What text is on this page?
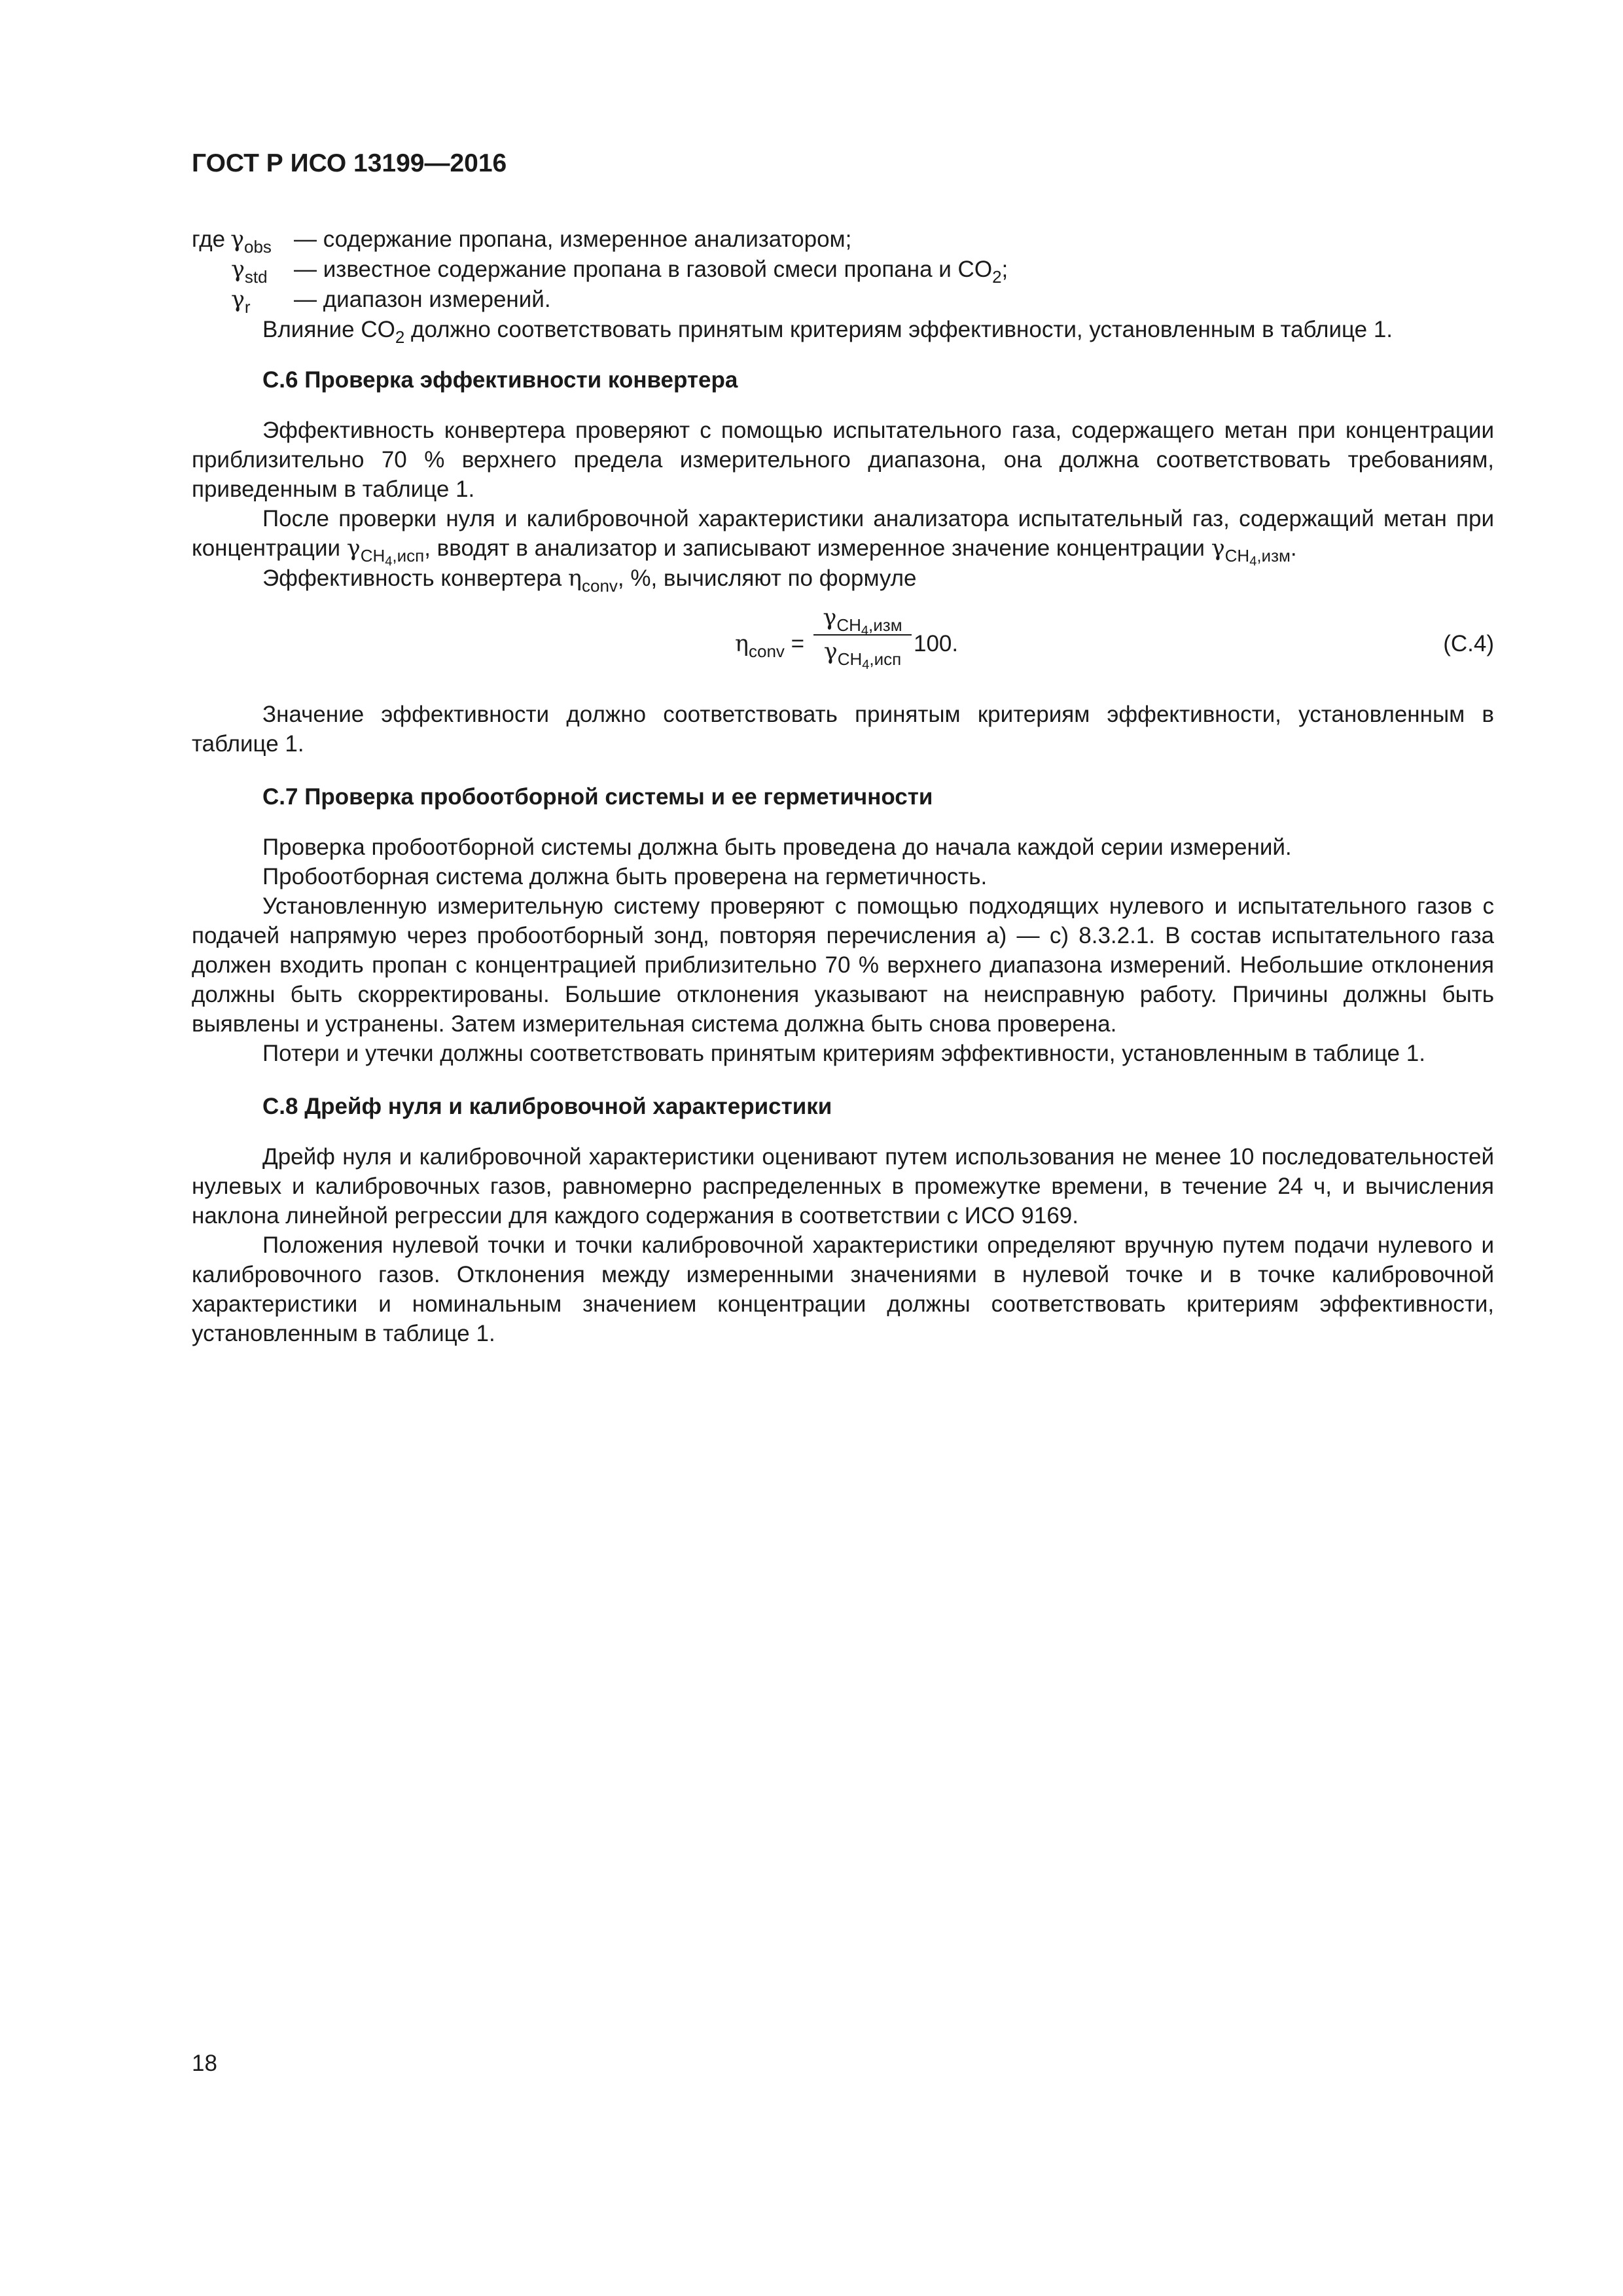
ГОСТ Р ИСО 13199—2016
где $\gamma_{obs}$ — содержание пропана, измеренное анализатором;
$\gamma_{std}$	— известное содержание пропана в газовой смеси пропана и $CO_2$;
$\gamma_r$	— диапазон измерений.

Влияние $CO_2$ должно соответствовать принятым критериям эффективности, установленным в таблице 1.

С.6 Проверка эффективности конвертера

Эффективность конвертера проверяют с помощью испытательного газа, содержащего метан при концентрации приблизительно 70 % верхнего предела измерительного диапазона, она должна соответствовать требованиям, приведенным в таблице 1.

После проверки нуля и калибровочной характеристики анализатора испытательный газ, содержащий метан при концентрации $\gamma_{CH_4,исп}$, вводят в анализатор и записывают измеренное значение концентрации $\gamma_{CH_4,изм}$.

Эффективность конвертера $\eta_{conv}$, %, вычисляют по формуле

$\eta_{conv}$ =
$\gamma_{CH_4,изм}$
$\gamma_{CH_4,исп}$
100.	(С.4)

Значение эффективности должно соответствовать принятым критериям эффективности, установленным в таблице 1.

С.7 Проверка пробоотборной системы и ее герметичности

Проверка пробоотборной системы должна быть проведена до начала каждой серии измерений.

Пробоотборная система должна быть проверена на герметичность.

Установленную измерительную систему проверяют с помощью подходящих нулевого и испытательного газов с подачей напрямую через пробоотборный зонд, повторяя перечисления а) — с) 8.3.2.1. В состав испытательного газа должен входить пропан с концентрацией приблизительно 70 % верхнего диапазона измерений. Небольшие отклонения должны быть скорректированы. Большие отклонения указывают на неисправную работу. Причины должны быть выявлены и устранены. Затем измерительная система должна быть снова проверена.

Потери и утечки должны соответствовать принятым критериям эффективности, установленным в таблице 1.

С.8 Дрейф нуля и калибровочной характеристики

Дрейф нуля и калибровочной характеристики оценивают путем использования не менее 10 последовательностей нулевых и калибровочных газов, равномерно распределенных в промежутке времени, в течение 24 ч, и вычисления наклона линейной регрессии для каждого содержания в соответствии с ИСО 9169.

Положения нулевой точки и точки калибровочной характеристики определяют вручную путем подачи нулевого и калибровочного газов. Отклонения между измеренными значениями в нулевой точке и в точке калибровочной характеристики и номинальным значением концентрации должны соответствовать критериям эффективности, установленным в таблице 1.

18
